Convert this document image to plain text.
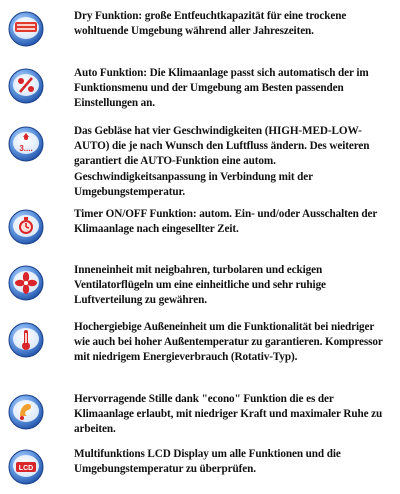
Dry Funktion: große Entfeuchtkapazität für eine trockene wohltuende Umgebung während aller Jahreszeiten.
Auto Funktion: Die Klimaanlage passt sich automatisch der im Funktionsmenu und der Umgebung am Besten passenden Einstellungen an.
3....
Das Gebläse hat vier Geschwindigkeiten (HIGH-MED-LOW-AUTO) die je nach Wunsch den Luftfluss ändern. Des weiteren garantiert die AUTO-Funktion eine autom. Geschwindigkeitsanpassung in Verbindung mit der Umgebungstemperatur.
Timer ON/OFF Funktion: autom. Ein- und/oder Ausschalten der Klimaanlage nach eingesellter Zeit.
Inneneinheit mit neigbahren, turbolaren und eckigen Ventilatorflügeln um eine einheitliche und sehr ruhige Luftverteilung zu gewähren.
Hochergiebige Außeneinheit um die Funktionalität bei niedriger wie auch bei hoher Außentemperatur zu garantieren. Kompressor mit niedrigem Energieverbrauch (Rotativ-Typ).
Hervorragende Stille dank "econo" Funktion die es der Klimaanlage erlaubt, mit niedriger Kraft und maximaler Ruhe zu arbeiten.
LCD
Multifunktions LCD Display um alle Funktionen und die Umgebungstemperatur zu überprüfen.
